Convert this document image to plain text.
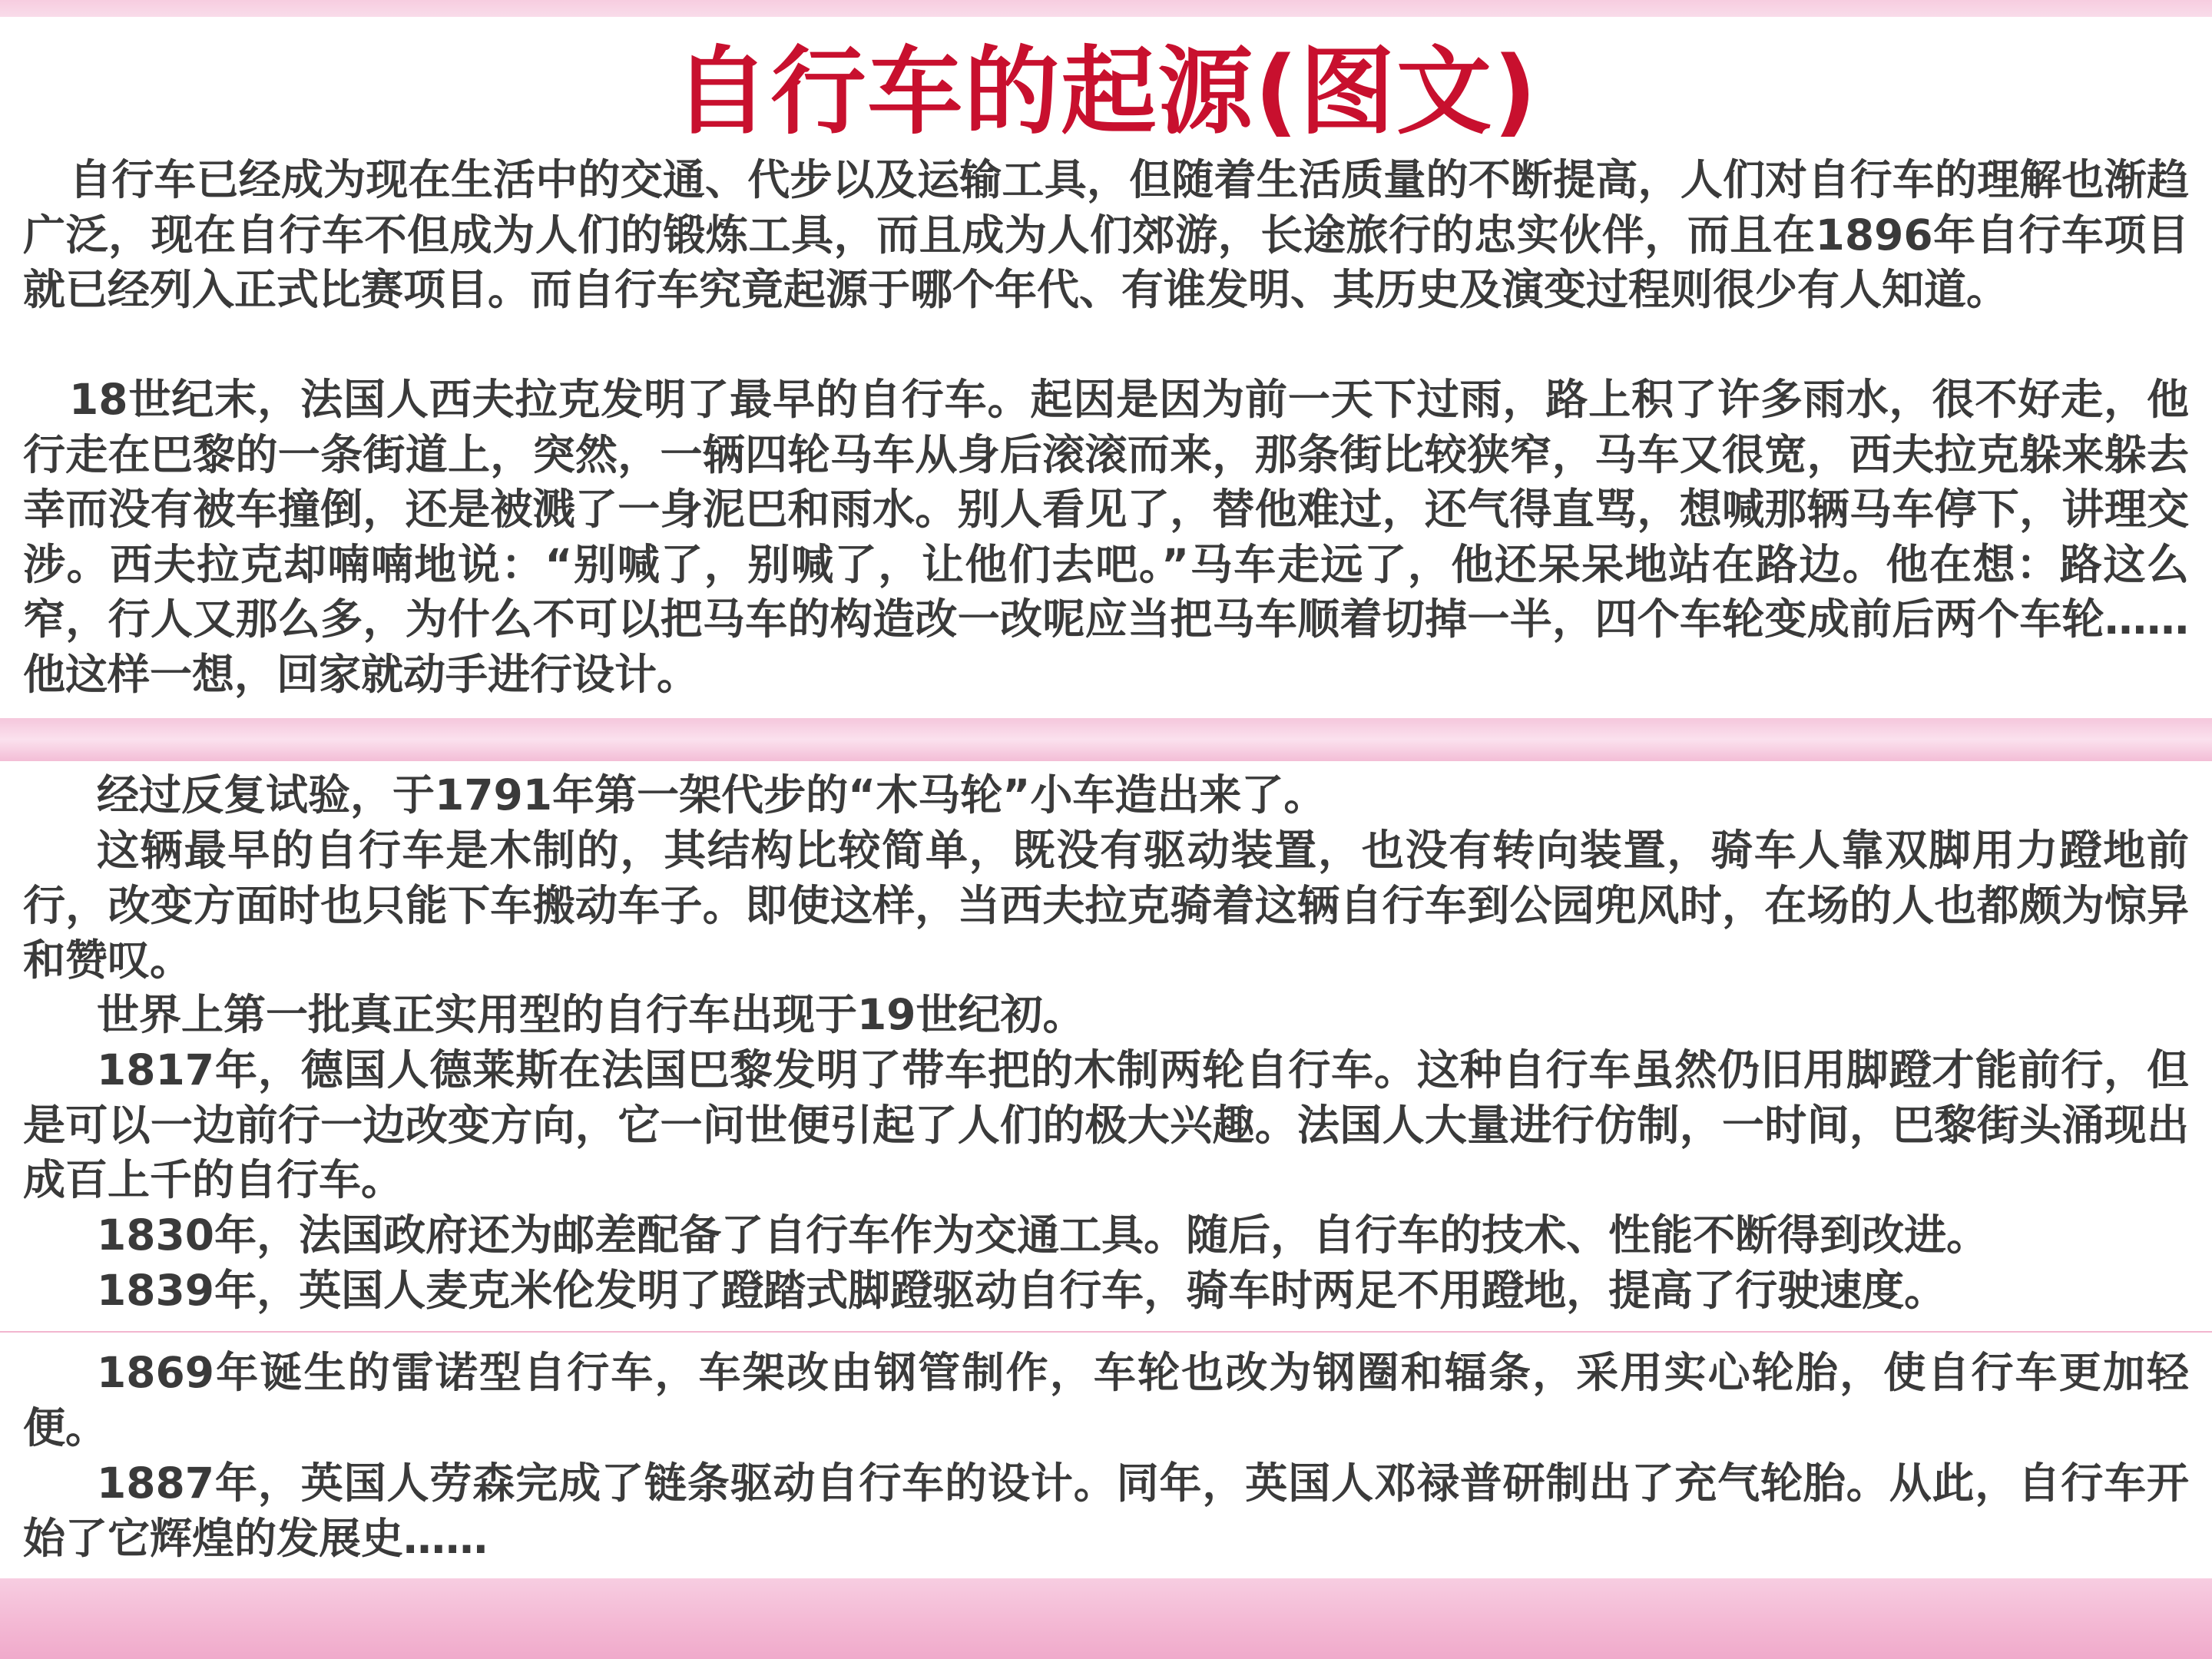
自行车的起源(图文)

自行车已经成为现在生活中的交通、代步以及运输工具，但随着生活质量的不断提高，人们对自行车的理解也渐趋广泛，现在自行车不但成为人们的锻炼工具，而且成为人们郊游，长途旅行的忠实伙伴，而且在1896年自行车项目就已经列入正式比赛项目。而自行车究竟起源于哪个年代、有谁发明、其历史及演变过程则很少有人知道。

18世纪末，法国人西夫拉克发明了最早的自行车。起因是因为前一天下过雨，路上积了许多雨水，很不好走，他行走在巴黎的一条街道上，突然，一辆四轮马车从身后滚滚而来，那条街比较狭窄，马车又很宽，西夫拉克躲来躲去幸而没有被车撞倒，还是被溅了一身泥巴和雨水。别人看见了，替他难过，还气得直骂，想喊那辆马车停下，讲理交涉。西夫拉克却喃喃地说：“别喊了，别喊了，让他们去吧。”马车走远了，他还呆呆地站在路边。他在想：路这么窄，行人又那么多，为什么不可以把马车的构造改一改呢应当把马车顺着切掉一半，四个车轮变成前后两个车轮……他这样一想，回家就动手进行设计。

经过反复试验，于1791年第一架代步的“木马轮”小车造出来了。

这辆最早的自行车是木制的，其结构比较简单，既没有驱动装置，也没有转向装置，骑车人靠双脚用力蹬地前行，改变方面时也只能下车搬动车子。即使这样，当西夫拉克骑着这辆自行车到公园兜风时，在场的人也都颇为惊异和赞叹。

世界上第一批真正实用型的自行车出现于19世纪初。

1817年，德国人德莱斯在法国巴黎发明了带车把的木制两轮自行车。这种自行车虽然仍旧用脚蹬才能前行，但是可以一边前行一边改变方向，它一问世便引起了人们的极大兴趣。法国人大量进行仿制，一时间，巴黎街头涌现出成百上千的自行车。

1830年，法国政府还为邮差配备了自行车作为交通工具。随后，自行车的技术、性能不断得到改进。

1839年，英国人麦克米伦发明了蹬踏式脚蹬驱动自行车，骑车时两足不用蹬地，提高了行驶速度。

1869年诞生的雷诺型自行车，车架改由钢管制作，车轮也改为钢圈和辐条，采用实心轮胎，使自行车更加轻便。

1887年，英国人劳森完成了链条驱动自行车的设计。同年，英国人邓禄普研制出了充气轮胎。从此，自行车开始了它辉煌的发展史……
